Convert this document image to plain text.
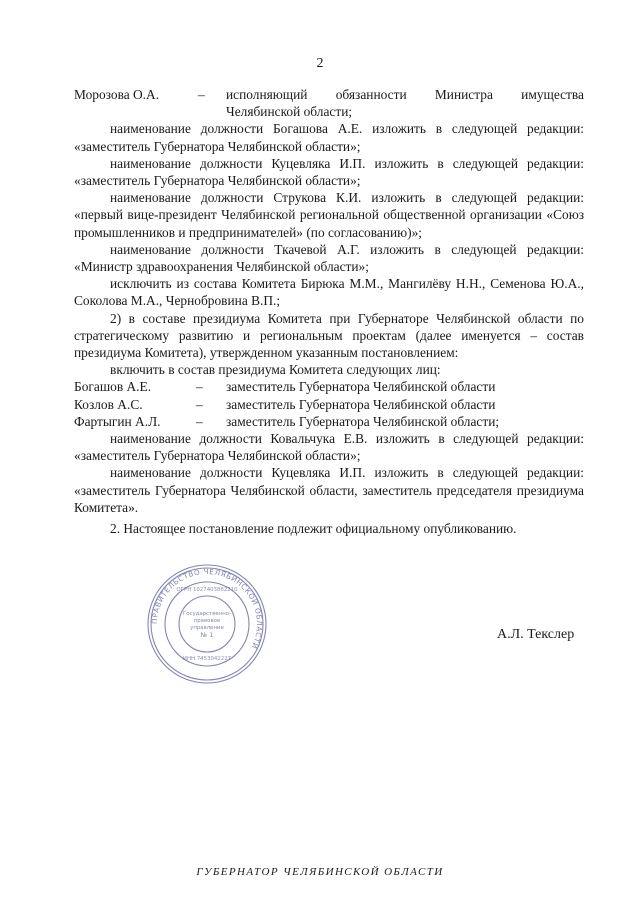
2
Морозова О.А.	–	исполняющий обязанности Министра имущества Челябинской области;

наименование должности Богашова А.Е. изложить в следующей редакции: «заместитель Губернатора Челябинской области»;

наименование должности Куцевляка И.П. изложить в следующей редакции: «заместитель Губернатора Челябинской области»;

наименование должности Струкова К.И. изложить в следующей редакции: «первый вице-президент Челябинской региональной общественной организации «Союз промышленников и предпринимателей» (по согласованию)»;

наименование должности Ткачевой А.Г. изложить в следующей редакции: «Министр здравоохранения Челябинской области»;

исключить из состава Комитета Бирюка М.М., Мангилёву Н.Н., Семенова Ю.А., Соколова М.А., Чернобровина В.П.;

2) в составе президиума Комитета при Губернаторе Челябинской области по стратегическому развитию и региональным проектам (далее именуется – состав президиума Комитета), утвержденном указанным постановлением:

включить в состав президиума Комитета следующих лиц:

Богашов А.Е.	–	заместитель Губернатора Челябинской области
Козлов А.С.	–	заместитель Губернатора Челябинской области
Фартыгин А.Л.	–	заместитель Губернатора Челябинской области;

наименование должности Ковальчука Е.В. изложить в следующей редакции: «заместитель Губернатора Челябинской области»;

наименование должности Куцевляка И.П. изложить в следующей редакции: «заместитель Губернатора Челябинской области, заместитель председателя президиума Комитета».

2. Настоящее постановление подлежит официальному опубликованию.

ПРАВИТЕЛЬСТВО ЧЕЛЯБИНСКОЙ ОБЛАСТИ
Государственно-
правовое
управление
№ 1
ИНН 7453042227
ОГРН 1027403882210
А.Л. Текслер
ГУБЕРНАТОР ЧЕЛЯБИНСКОЙ ОБЛАСТИ
